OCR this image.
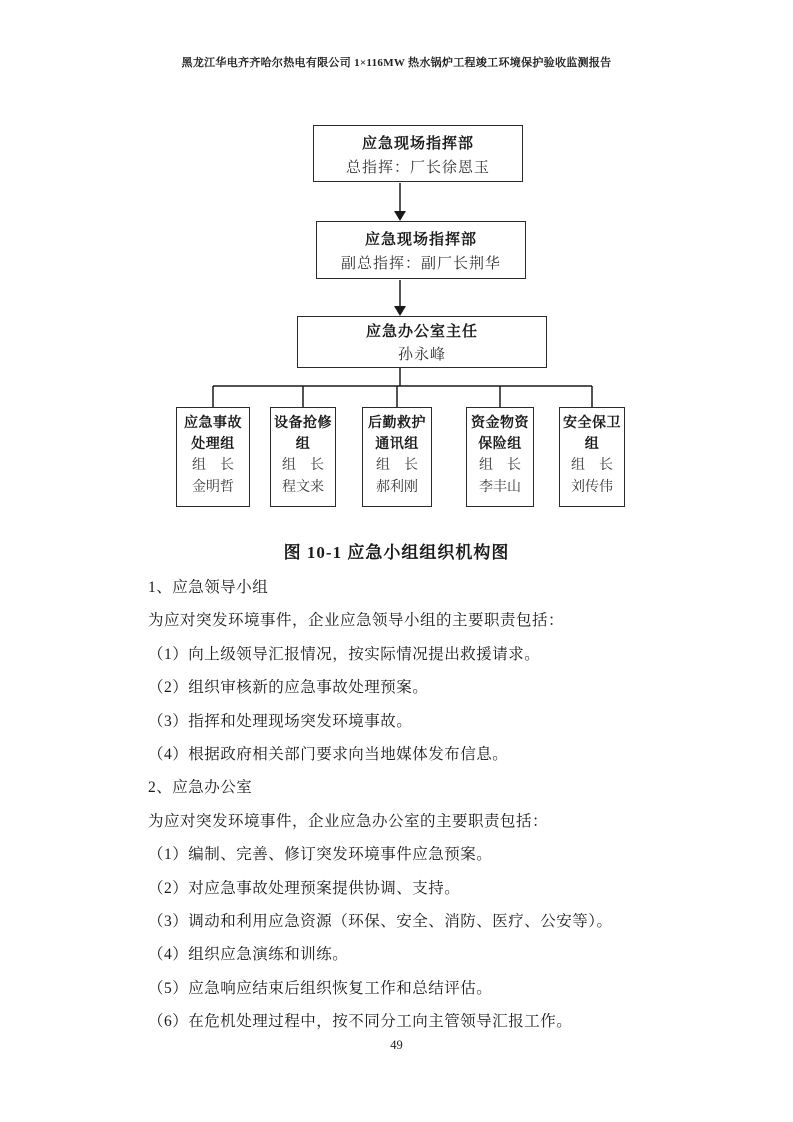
黑龙江华电齐齐哈尔热电有限公司 1×116MW 热水锅炉工程竣工环境保护验收监测报告
应急现场指挥部
总指挥：厂长徐恩玉
应急现场指挥部
副总指挥：副厂长荆华
应急办公室主任
孙永峰
应急事故处理组
组　长
金明哲
设备抢修组
组　长
程文来
后勤救护通讯组
组　长
郝利刚
资金物资保险组
组　长
李丰山
安全保卫组
组　长
刘传伟
图 10-1 应急小组组织机构图

1、应急领导小组

为应对突发环境事件，企业应急领导小组的主要职责包括：

（1）向上级领导汇报情况，按实际情况提出救援请求。

（2）组织审核新的应急事故处理预案。

（3）指挥和处理现场突发环境事故。

（4）根据政府相关部门要求向当地媒体发布信息。

2、应急办公室

为应对突发环境事件，企业应急办公室的主要职责包括：

（1）编制、完善、修订突发环境事件应急预案。

（2）对应急事故处理预案提供协调、支持。

（3）调动和利用应急资源（环保、安全、消防、医疗、公安等）。

（4）组织应急演练和训练。

（5）应急响应结束后组织恢复工作和总结评估。

（6）在危机处理过程中，按不同分工向主管领导汇报工作。

49
